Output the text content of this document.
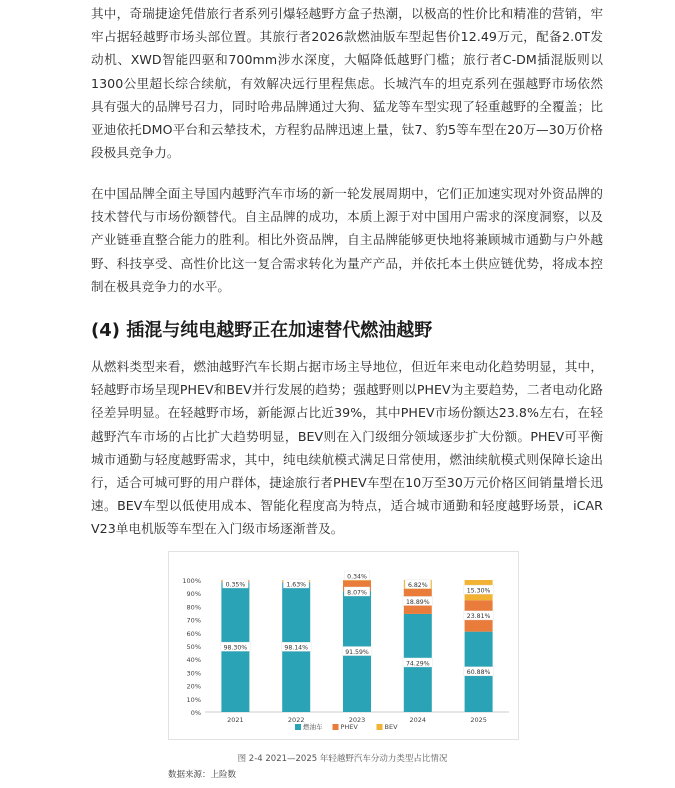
其中，奇瑞捷途凭借旅行者系列引爆轻越野方盒子热潮，以极高的性价比和精准的营销，牢牢占据轻越野市场头部位置。其旅行者2026款燃油版车型起售价12.49万元，配备2.0T发动机、XWD智能四驱和700mm涉水深度，大幅降低越野门槛；旅行者C-DM插混版则以1300公里超长综合续航，有效解决远行里程焦虑。长城汽车的坦克系列在强越野市场依然具有强大的品牌号召力，同时哈弗品牌通过大狗、猛龙等车型实现了轻重越野的全覆盖；比亚迪依托DMO平台和云辇技术，方程豹品牌迅速上量，钛7、豹5等车型在20万—30万价格段极具竞争力。

在中国品牌全面主导国内越野汽车市场的新一轮发展周期中，它们正加速实现对外资品牌的技术替代与市场份额替代。自主品牌的成功，本质上源于对中国用户需求的深度洞察，以及产业链垂直整合能力的胜利。相比外资品牌，自主品牌能够更快地将兼顾城市通勤与户外越野、科技享受、高性价比这一复合需求转化为量产产品，并依托本土供应链优势，将成本控制在极具竞争力的水平。

(4) 插混与纯电越野正在加速替代燃油越野

从燃料类型来看，燃油越野汽车长期占据市场主导地位，但近年来电动化趋势明显，其中，轻越野市场呈现PHEV和BEV并行发展的趋势；强越野则以PHEV为主要趋势，二者电动化路径差异明显。在轻越野市场，新能源占比近39%，其中PHEV市场份额达23.8%左右，在轻越野汽车市场的占比扩大趋势明显，BEV则在入门级细分领域逐步扩大份额。PHEV可平衡城市通勤与轻度越野需求，其中，纯电续航模式满足日常使用，燃油续航模式则保障长途出行，适合可城可野的用户群体，捷途旅行者PHEV车型在10万至30万元价格区间销量增长迅速。BEV车型以低使用成本、智能化程度高为特点，适合城市通勤和轻度越野场景，iCAR V23单电机版等车型在入门级市场逐渐普及。

0%
10%
20%
30%
40%
50%
60%
70%
80%
90%
100%
98.30%
0.35%
2021
98.14%
1.63%
2022
91.59%
8.07%
0.34%
2023
74.29%
18.89%
6.82%
2024
60.88%
23.81%
15.30%
2025
燃油车	PHEV	BEV
图 2-4 2021—2025 年轻越野汽车分动力类型占比情况
数据来源：上险数
